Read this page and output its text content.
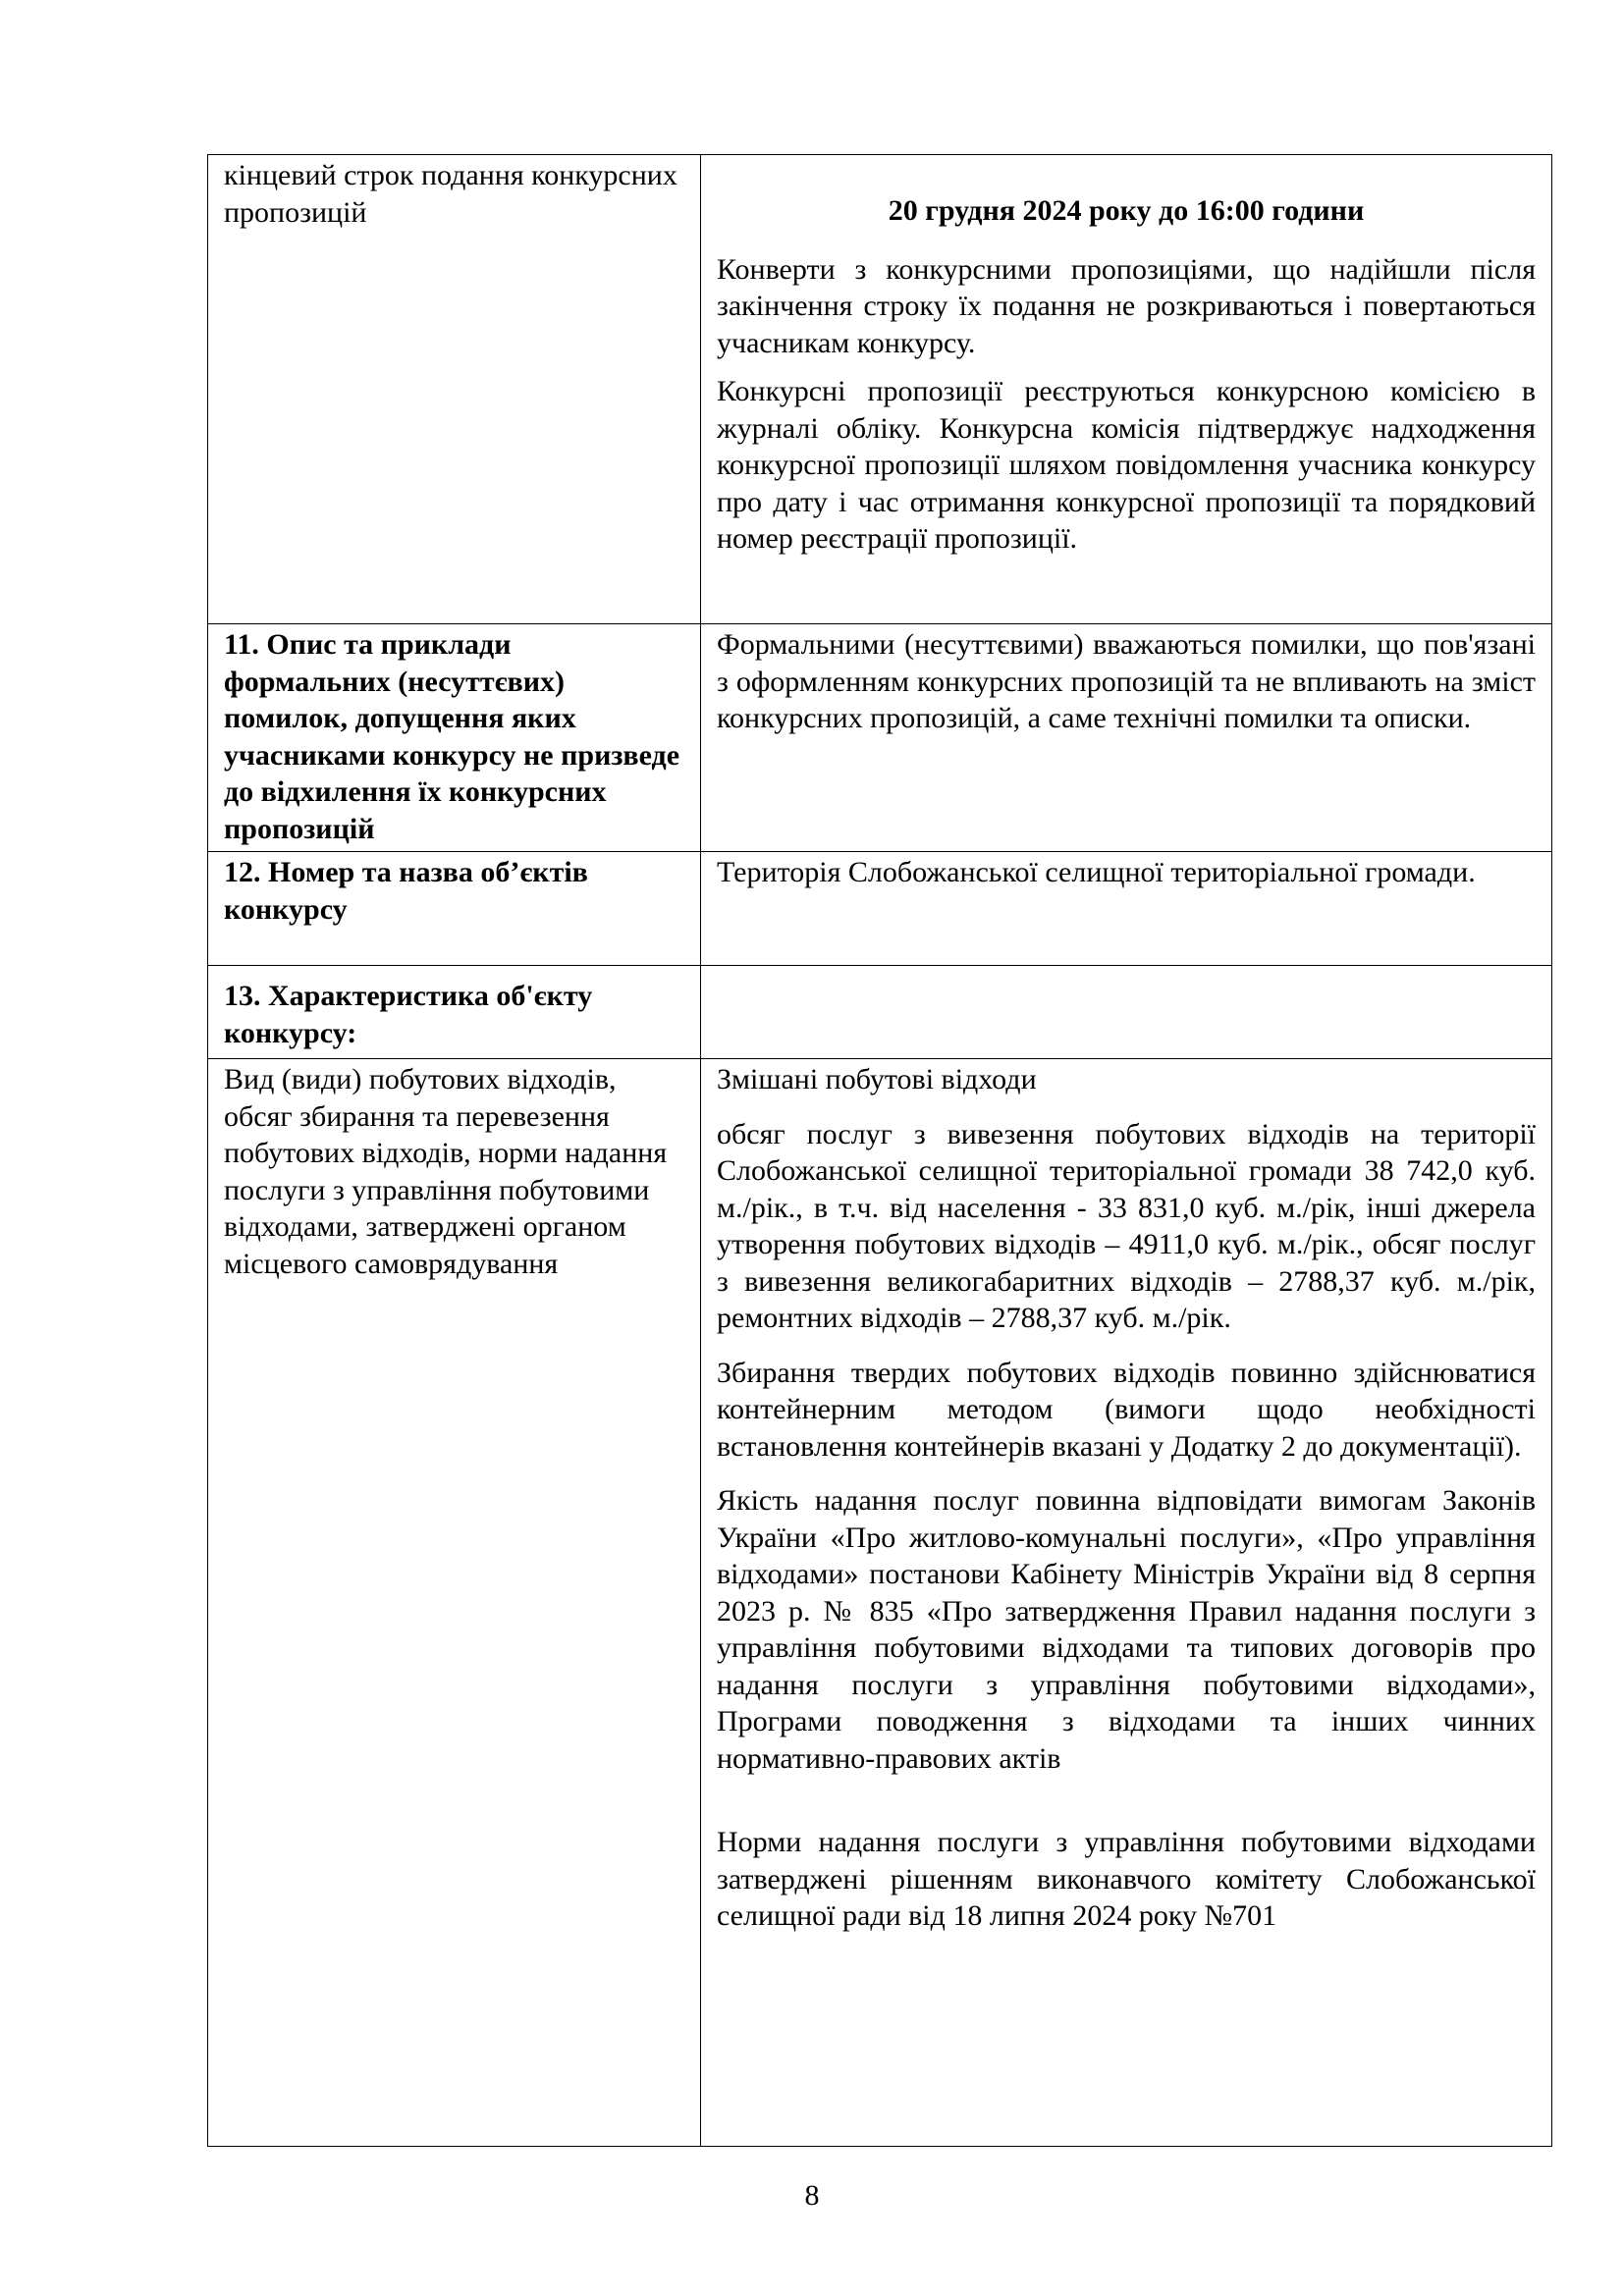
кінцевий строк подання конкурсних пропозицій	20 грудня 2024 року до 16:00 години

Конверти з конкурсними пропозиціями, що надійшли після закінчення строку їх подання не розкриваються і повертаються учасникам конкурсу.

Конкурсні пропозиції реєструються конкурсною комісією в журналі обліку. Конкурсна комісія підтверджує надходження конкурсної пропозиції шляхом повідомлення учасника конкурсу про дату і час отримання конкурсної пропозиції та порядковий номер реєстрації пропозиції.

11. Опис та приклади формальних (несуттєвих) помилок, допущення яких учасниками конкурсу не призведе до відхилення їх конкурсних пропозицій	Формальними (несуттєвими) вважаються помилки, що пов'язані з оформленням конкурсних пропозицій та не впливають на зміст конкурсних пропозицій, а саме технічні помилки та описки.

12. Номер та назва об’єктів конкурсу	Територія Слобожанської селищної територіальної громади.

13. Характеристика об'єкту конкурсу:	

Вид (види) побутових відходів, обсяг збирання та перевезення побутових відходів, норми надання послуги з управління побутовими відходами, затверджені органом місцевого самоврядування	Змішані побутові відходи

обсяг послуг з вивезення побутових відходів на території Слобожанської селищної територіальної громади 38 742,0 куб. м./рік., в т.ч. від населення - 33 831,0 куб. м./рік, інші джерела утворення побутових відходів – 4911,0 куб. м./рік., обсяг послуг з вивезення великогабаритних відходів – 2788,37 куб. м./рік, ремонтних відходів – 2788,37 куб. м./рік.

Збирання твердих побутових відходів повинно здійснюватися контейнерним методом (вимоги щодо необхідності встановлення контейнерів вказані у Додатку 2 до документації).

Якість надання послуг повинна відповідати вимогам Законів України «Про житлово-комунальні послуги», «Про управління відходами» постанови Кабінету Міністрів України від 8 серпня 2023 р. № 835 «Про затвердження Правил надання послуги з управління побутовими відходами та типових договорів про надання послуги з управління побутовими відходами», Програми поводження з відходами та інших чинних нормативно-правових актів

Норми надання послуги з управління побутовими відходами затверджені рішенням виконавчого комітету Слобожанської селищної ради від 18 липня 2024 року №701

8
